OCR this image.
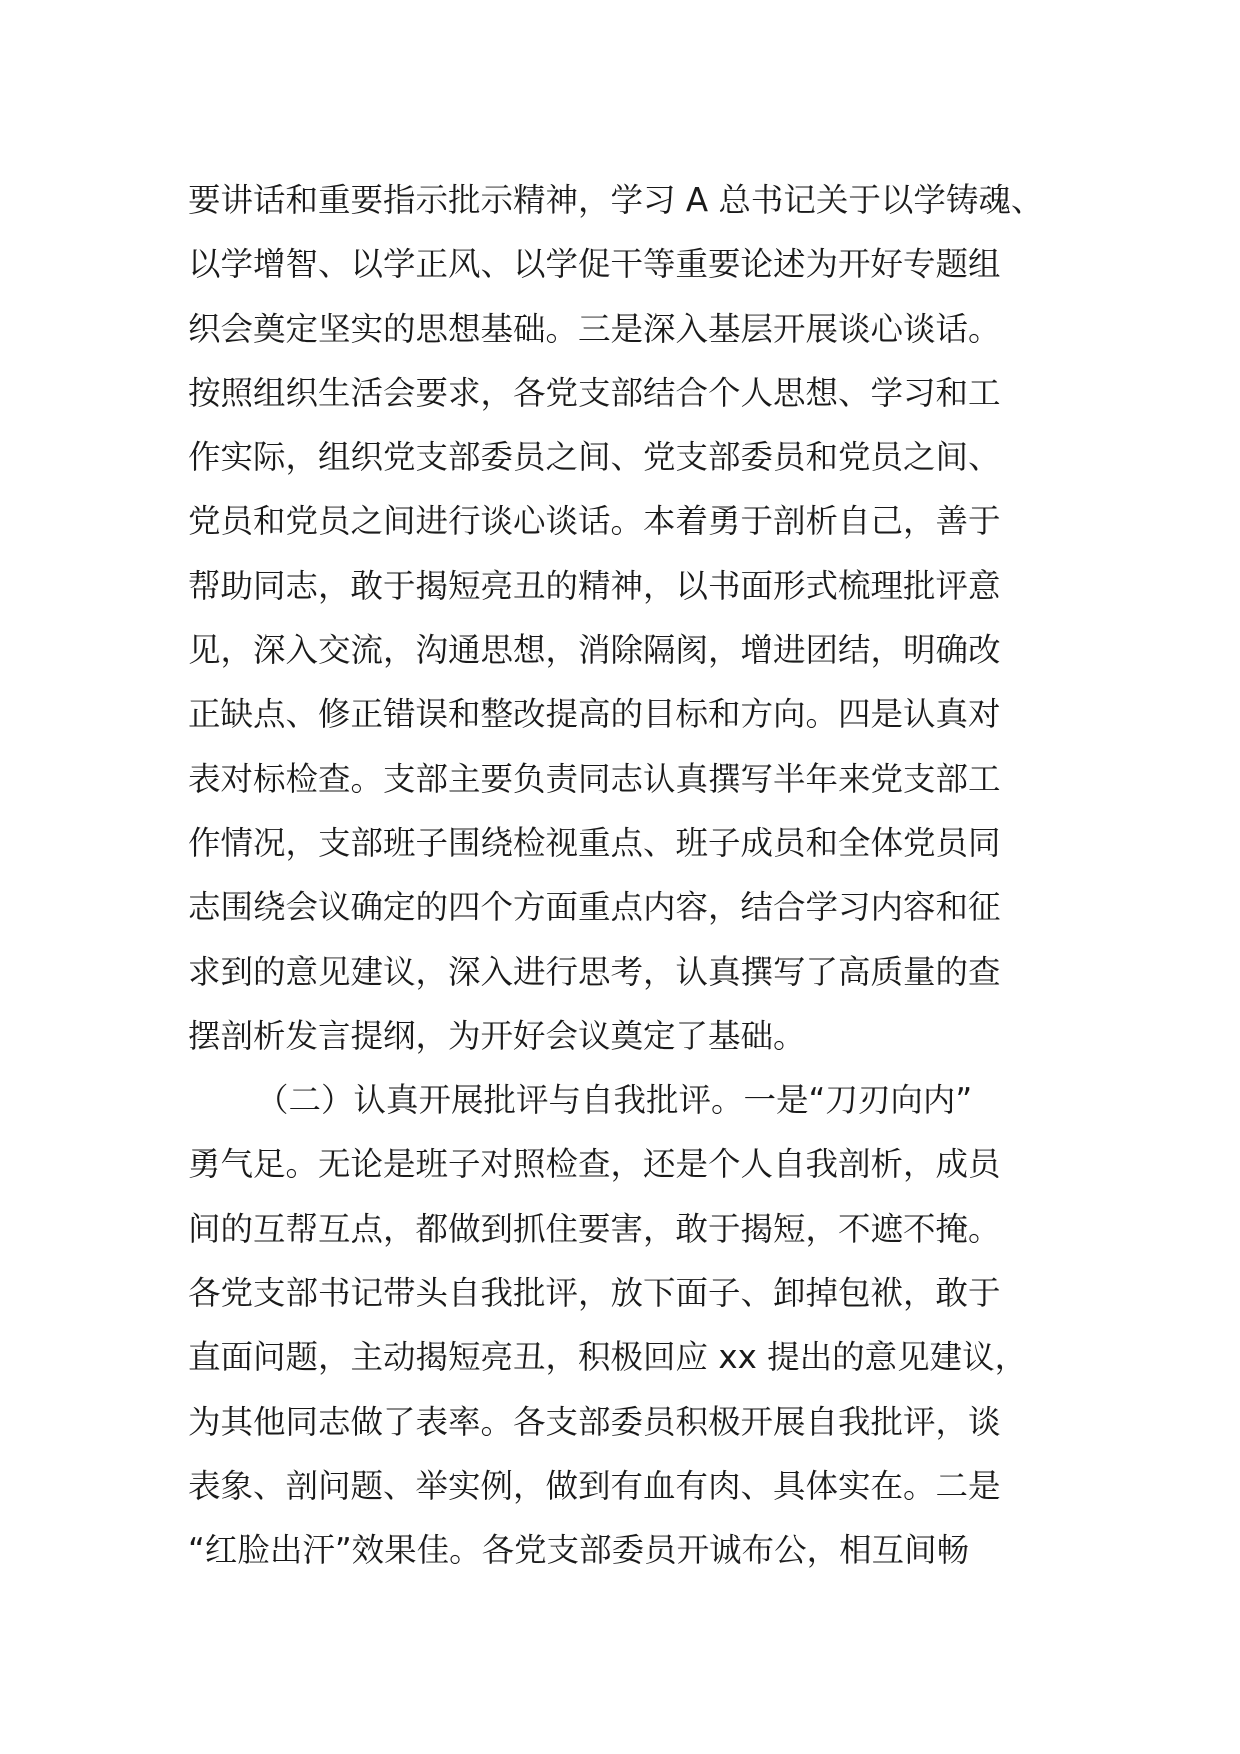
要讲话和重要指示批示精神，学习 A 总书记关于以学铸魂、
以学增智、以学正风、以学促干等重要论述为开好专题组
织会奠定坚实的思想基础。三是深入基层开展谈心谈话。
按照组织生活会要求，各党支部结合个人思想、学习和工
作实际，组织党支部委员之间、党支部委员和党员之间、
党员和党员之间进行谈心谈话。本着勇于剖析自己，善于
帮助同志，敢于揭短亮丑的精神，以书面形式梳理批评意
见，深入交流，沟通思想，消除隔阂，增进团结，明确改
正缺点、修正错误和整改提高的目标和方向。四是认真对
表对标检查。支部主要负责同志认真撰写半年来党支部工
作情况，支部班子围绕检视重点、班子成员和全体党员同
志围绕会议确定的四个方面重点内容，结合学习内容和征
求到的意见建议，深入进行思考，认真撰写了高质量的查
摆剖析发言提纲，为开好会议奠定了基础。
（二）认真开展批评与自我批评。一是“刀刃向内”
勇气足。无论是班子对照检查，还是个人自我剖析，成员
间的互帮互点，都做到抓住要害，敢于揭短，不遮不掩。
各党支部书记带头自我批评，放下面子、卸掉包袱，敢于
直面问题，主动揭短亮丑，积极回应 xx 提出的意见建议，
为其他同志做了表率。各支部委员积极开展自我批评，谈
表象、剖问题、举实例，做到有血有肉、具体实在。二是
“红脸出汗”效果佳。各党支部委员开诚布公，相互间畅
